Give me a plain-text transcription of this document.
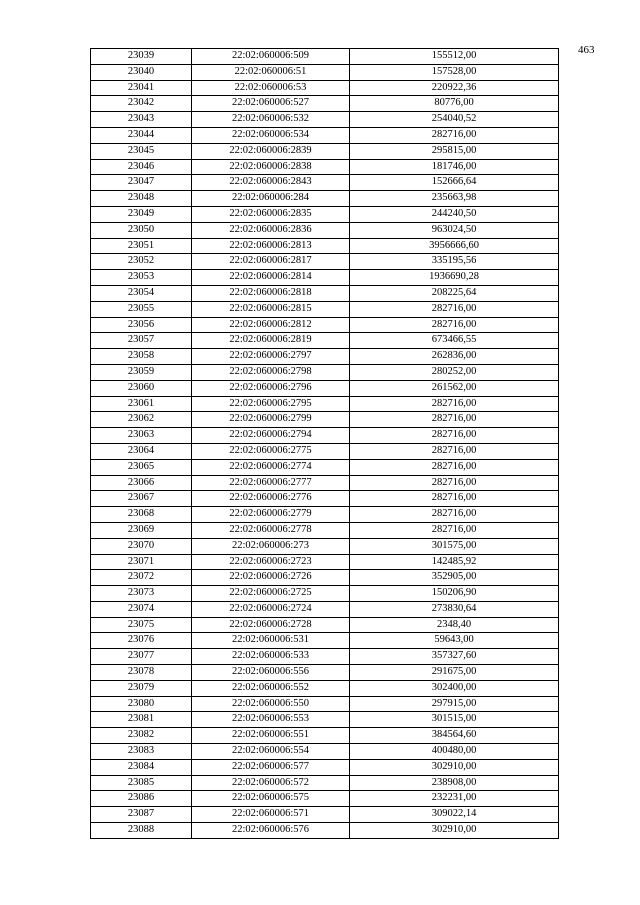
463
23039	22:02:060006:509	155512,00
23040	22:02:060006:51	157528,00
23041	22:02:060006:53	220922,36
23042	22:02:060006:527	80776,00
23043	22:02:060006:532	254040,52
23044	22:02:060006:534	282716,00
23045	22:02:060006:2839	295815,00
23046	22:02:060006:2838	181746,00
23047	22:02:060006:2843	152666,64
23048	22:02:060006:284	235663,98
23049	22:02:060006:2835	244240,50
23050	22:02:060006:2836	963024,50
23051	22:02:060006:2813	3956666,60
23052	22:02:060006:2817	335195,56
23053	22:02:060006:2814	1936690,28
23054	22:02:060006:2818	208225,64
23055	22:02:060006:2815	282716,00
23056	22:02:060006:2812	282716,00
23057	22:02:060006:2819	673466,55
23058	22:02:060006:2797	262836,00
23059	22:02:060006:2798	280252,00
23060	22:02:060006:2796	261562,00
23061	22:02:060006:2795	282716,00
23062	22:02:060006:2799	282716,00
23063	22:02:060006:2794	282716,00
23064	22:02:060006:2775	282716,00
23065	22:02:060006:2774	282716,00
23066	22:02:060006:2777	282716,00
23067	22:02:060006:2776	282716,00
23068	22:02:060006:2779	282716,00
23069	22:02:060006:2778	282716,00
23070	22:02:060006:273	301575,00
23071	22:02:060006:2723	142485,92
23072	22:02:060006:2726	352905,00
23073	22:02:060006:2725	150206,90
23074	22:02:060006:2724	273830,64
23075	22:02:060006:2728	2348,40
23076	22:02:060006:531	59643,00
23077	22:02:060006:533	357327,60
23078	22:02:060006:556	291675,00
23079	22:02:060006:552	302400,00
23080	22:02:060006:550	297915,00
23081	22:02:060006:553	301515,00
23082	22:02:060006:551	384564,60
23083	22:02:060006:554	400480,00
23084	22:02:060006:577	302910,00
23085	22:02:060006:572	238908,00
23086	22:02:060006:575	232231,00
23087	22:02:060006:571	309022,14
23088	22:02:060006:576	302910,00
